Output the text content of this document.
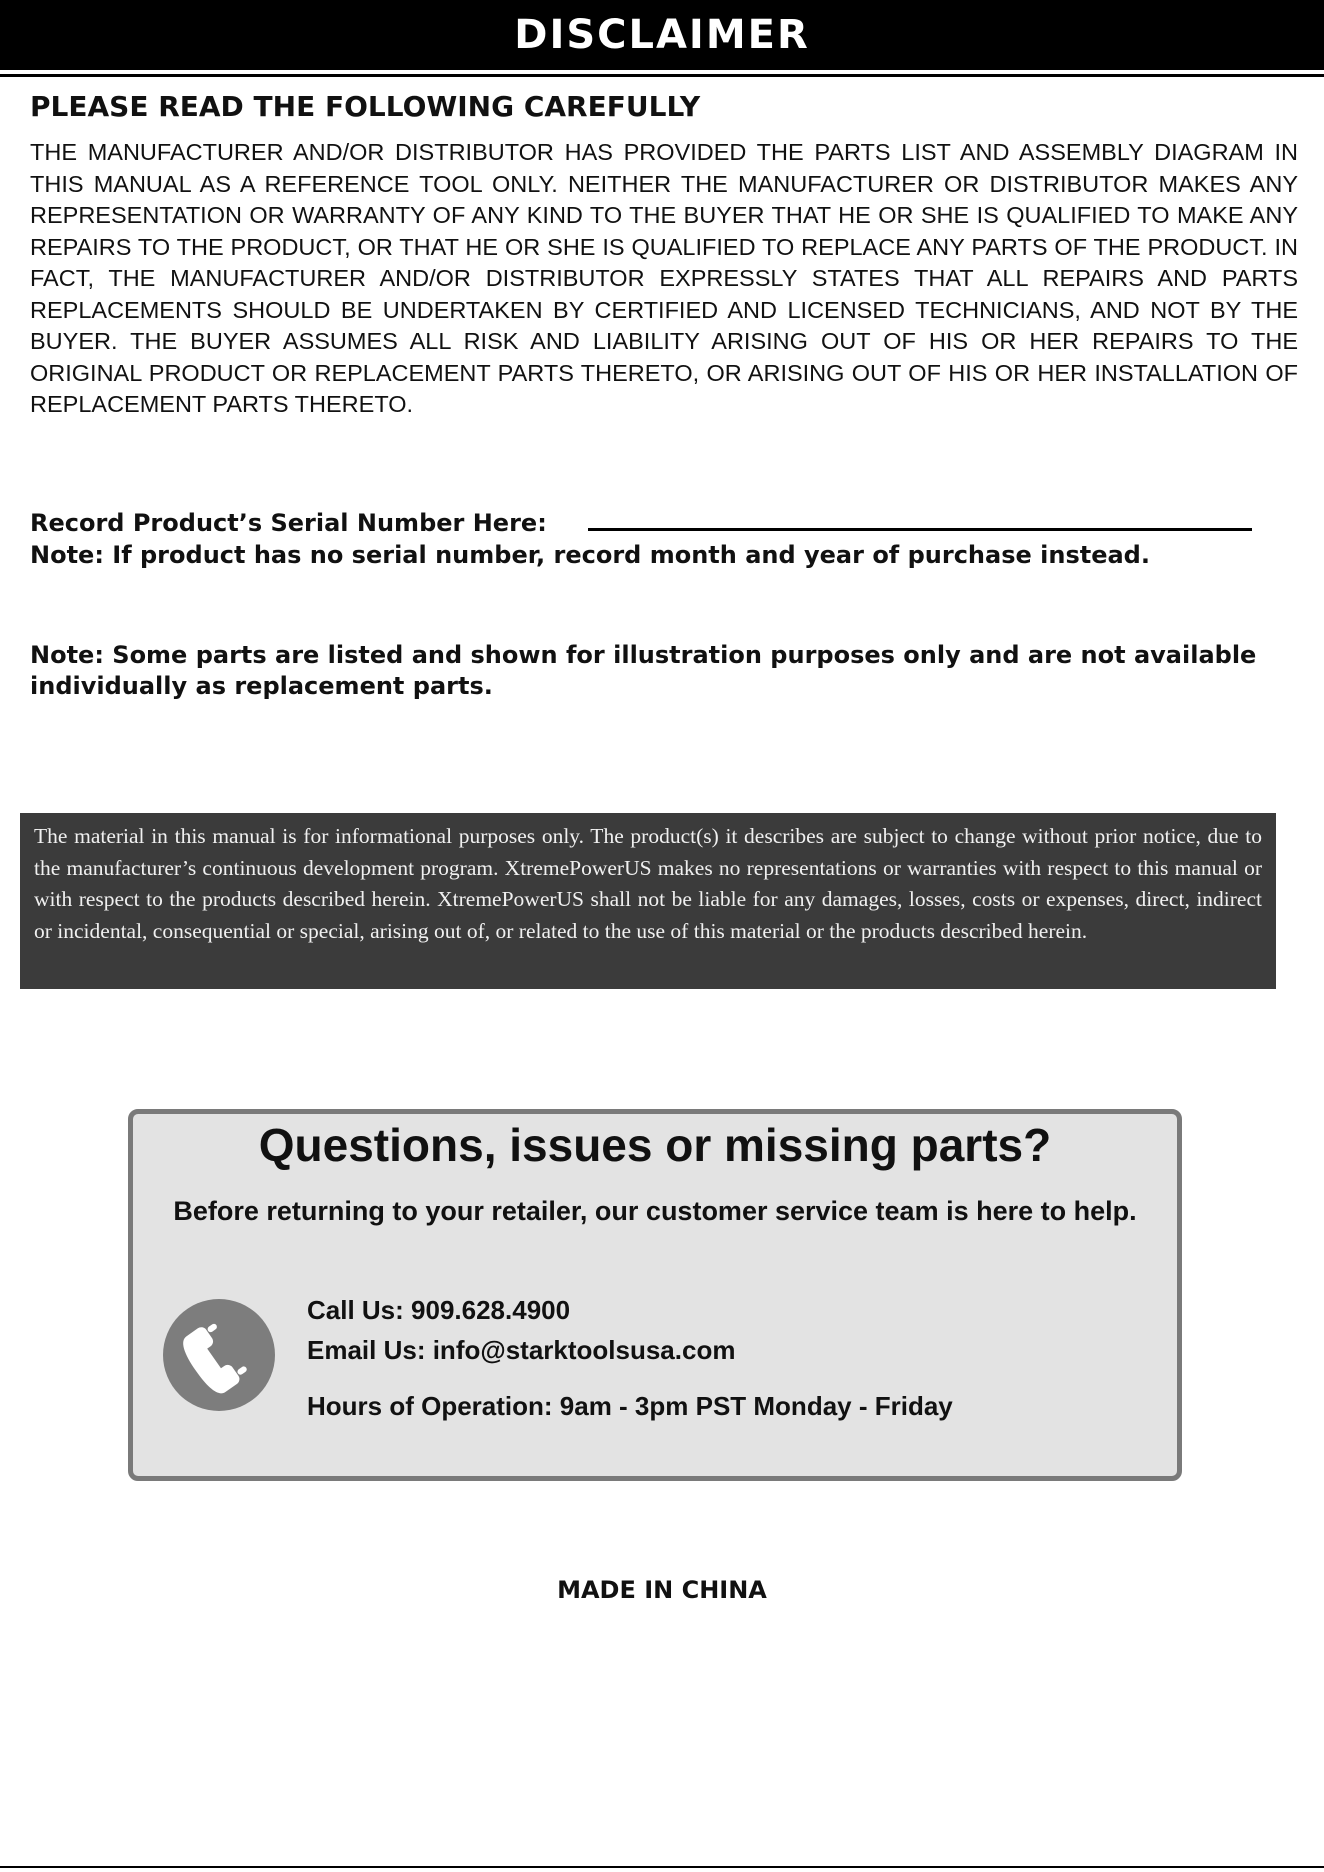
DISCLAIMER
PLEASE READ THE FOLLOWING CAREFULLY

THE MANUFACTURER AND/OR DISTRIBUTOR HAS PROVIDED THE PARTS LIST AND ASSEMBLY DIAGRAM IN THIS MANUAL AS A REFERENCE TOOL ONLY. NEITHER THE MANUFACTURER OR DISTRIBUTOR MAKES ANY REPRESENTATION OR WARRANTY OF ANY KIND TO THE BUYER THAT HE OR SHE IS QUALIFIED TO MAKE ANY REPAIRS TO THE PRODUCT, OR THAT HE OR SHE IS QUALIFIED TO REPLACE ANY PARTS OF THE PRODUCT. IN FACT, THE MANUFACTURER AND/OR DISTRIBUTOR EXPRESSLY STATES THAT ALL REPAIRS AND PARTS REPLACEMENTS SHOULD BE UNDERTAKEN BY CERTIFIED AND LICENSED TECHNICIANS, AND NOT BY THE BUYER. THE BUYER ASSUMES ALL RISK AND LIABILITY ARISING OUT OF HIS OR HER REPAIRS TO THE ORIGINAL PRODUCT OR REPLACEMENT PARTS THERETO, OR ARISING OUT OF HIS OR HER INSTALLATION OF REPLACEMENT PARTS THERETO.

Record Product’s Serial Number Here:

Note: If product has no serial number, record month and year of purchase instead.

Note: Some parts are listed and shown for illustration purposes only and are not available individually as replacement parts.

The material in this manual is for informational purposes only. The product(s) it describes are subject to change without prior notice, due to the manufacturer’s continuous development program. XtremePowerUS makes no representations or warranties with respect to this manual or with respect to the products described herein. XtremePowerUS shall not be liable for any damages, losses, costs or expenses, direct, indirect or incidental, consequential or special, arising out of, or related to the use of this material or the products described herein.

Questions, issues or missing parts?

Before returning to your retailer, our customer service team is here to help.

Call Us: 909.628.4900

Email Us: info@starktoolsusa.com

Hours of Operation: 9am - 3pm PST Monday - Friday

MADE IN CHINA
